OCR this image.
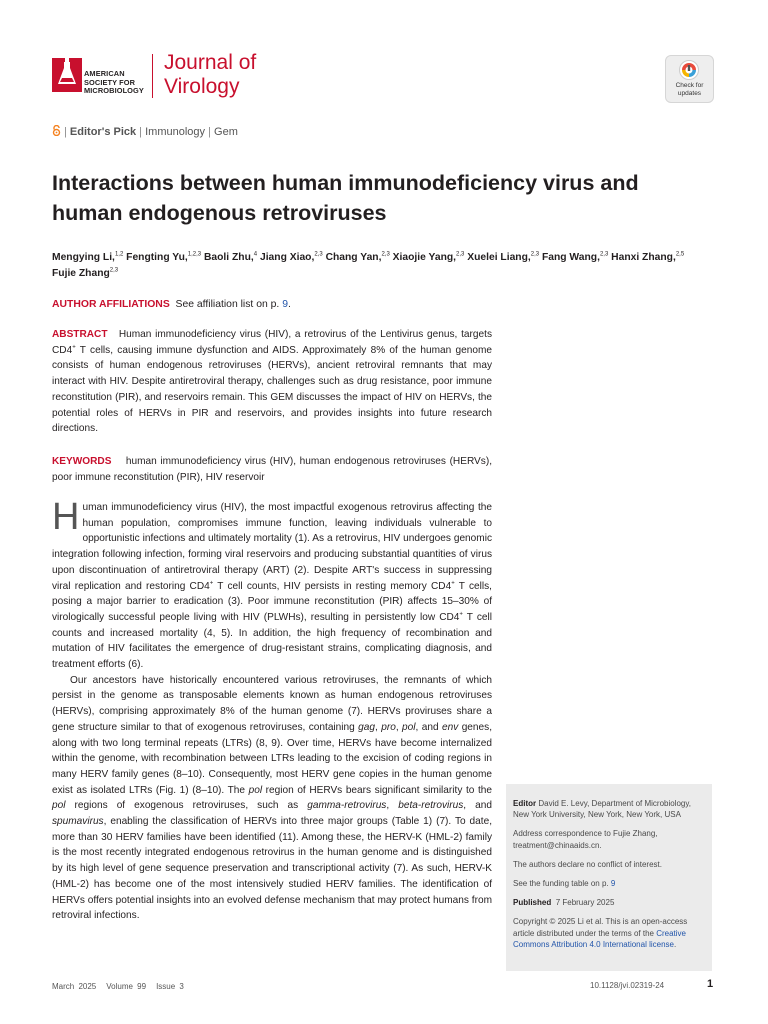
AMERICAN
SOCIETY FOR
MICROBIOLOGY
Journal of
Virology	Check for
updates
| Editor's Pick | Immunology | Gem
Interactions between human immunodeficiency virus and human endogenous retroviruses
Mengying Li,$^{1,2}$ Fengting Yu,$^{1,2,3}$ Baoli Zhu,$^4$ Jiang Xiao,$^{2,3}$ Chang Yan,$^{2,3}$ Xiaojie Yang,$^{2,3}$ Xuelei Liang,$^{2,3}$ Fang Wang,$^{2,3}$ Hanxi Zhang,$^{2,5}$
Fujie Zhang$^{2,3}$
AUTHOR AFFILIATIONS See affiliation list on p. 9.
ABSTRACT Human immunodeficiency virus (HIV), a retrovirus of the Lentivirus genus, targets CD4+ T cells, causing immune dysfunction and AIDS. Approximately 8% of the human genome consists of human endogenous retroviruses (HERVs), ancient retroviral remnants that may interact with HIV. Despite antiretroviral therapy, challenges such as drug resistance, poor immune reconstitution (PIR), and reservoirs remain. This GEM discusses the impact of HIV on HERVs, the potential roles of HERVs in PIR and reservoirs, and provides insights into future research directions.
KEYWORDS human immunodeficiency virus (HIV), human endogenous retroviruses (HERVs), poor immune reconstitution (PIR), HIV reservoir

Human immunodeficiency virus (HIV), the most impactful exogenous retrovirus affecting the human population, compromises immune function, leaving individuals vulnerable to opportunistic infections and ultimately mortality (1). As a retrovirus, HIV undergoes genomic integration following infection, forming viral reservoirs and producing substantial quantities of virus upon discontinuation of antiretroviral therapy (ART) (2). Despite ART's success in suppressing viral replication and restoring CD4+ T cell counts, HIV persists in resting memory CD4+ T cells, posing a major barrier to eradication (3). Poor immune reconstitution (PIR) affects 15–30% of virologically successful people living with HIV (PLWHs), resulting in persistently low CD4+ T cell counts and increased mortality (4, 5). In addition, the high frequency of recombination and mutation of HIV facilitates the emergence of drug-resistant strains, complicating diagnosis, and treatment efforts (6).

Our ancestors have historically encountered various retroviruses, the remnants of which persist in the genome as transposable elements known as human endogenous retroviruses (HERVs), comprising approximately 8% of the human genome (7). HERVs proviruses share a gene structure similar to that of exogenous retroviruses, containing gag, pro, pol, and env genes, along with two long terminal repeats (LTRs) (8, 9). Over time, HERVs have become internalized within the genome, with recombination between LTRs leading to the excision of coding regions in many HERV family genes (8–10). Consequently, most HERV gene copies in the human genome exist as isolated LTRs (Fig. 1) (8–10). The pol region of HERVs bears significant similarity to the pol regions of exogenous retroviruses, such as gamma-retrovirus, beta-retrovirus, and spumavirus, enabling the classification of HERVs into three major groups (Table 1) (7). To date, more than 30 HERV families have been identified (11). Among these, the HERV-K (HML-2) family is the most recently integrated endogenous retrovirus in the human genome and is distinguished by its high level of gene sequence preservation and transcriptional activity (7). As such, HERV-K (HML-2) has become one of the most intensively studied HERV families. The identification of HERVs offers potential insights into an evolved defense mechanism that may protect humans from retroviral infections.

Editor David E. Levy, Department of Microbiology, New York University, New York, New York, USA
Address correspondence to Fujie Zhang, treatment@chinaaids.cn.
The authors declare no conflict of interest.
See the funding table on p. 9
Published 7 February 2025
Copyright © 2025 Li et al. This is an open-access article distributed under the terms of the Creative Commons Attribution 4.0 International license.
March 2025 Volume 99 Issue 3	10.1128/jvi.02319-24	1
